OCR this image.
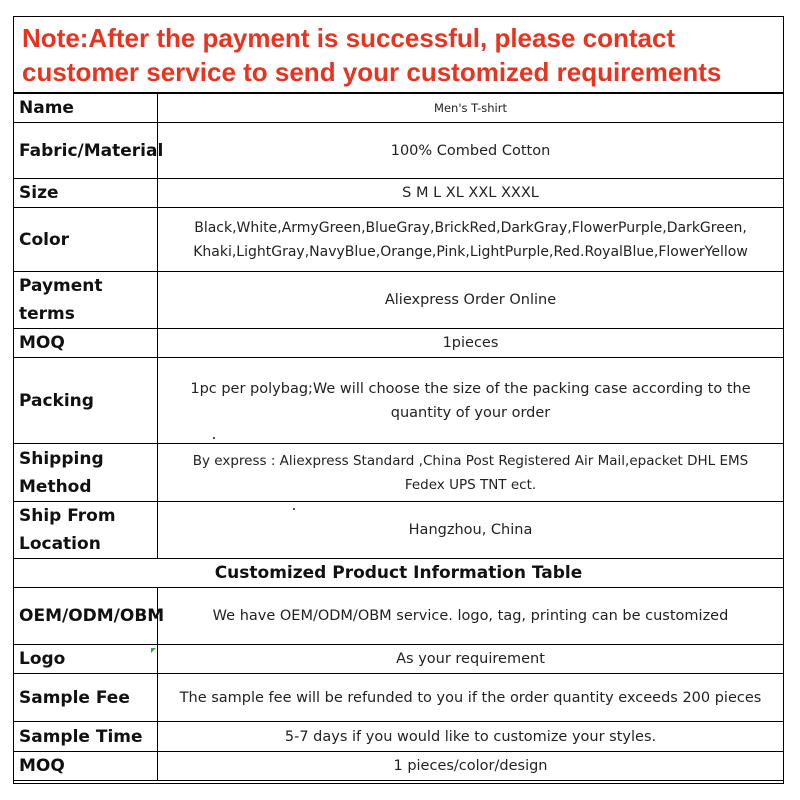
Note:After the payment is successful, please contact
customer service to send your customized requirements
Name	Men's T-shirt

Fabric/Material	100% Combed Cotton

Size	S M L XL XXL XXXL

Color	Black,White,ArmyGreen,BlueGray,BrickRed,DarkGray,FlowerPurple,DarkGreen,
Khaki,LightGray,NavyBlue,Orange,Pink,LightPurple,Red.RoyalBlue,FlowerYellow

Payment terms	Aliexpress Order Online

MOQ	1pieces

Packing	1pc per polybag;We will choose the size of the packing case according to the
quantity of your order

Shipping Method	By express : Aliexpress Standard ,China Post Registered Air Mail,epacket DHL EMS
Fedex UPS TNT ect.

Ship From Location	Hangzhou, China

Customized Product Information Table	
OEM/ODM/OBM	We have OEM/ODM/OBM service. logo, tag, printing can be customized

Logo	As your requirement

Sample Fee	The sample fee will be refunded to you if the order quantity exceeds 200 pieces

Sample Time	5-7 days if you would like to customize your styles.

MOQ	1 pieces/color/design
